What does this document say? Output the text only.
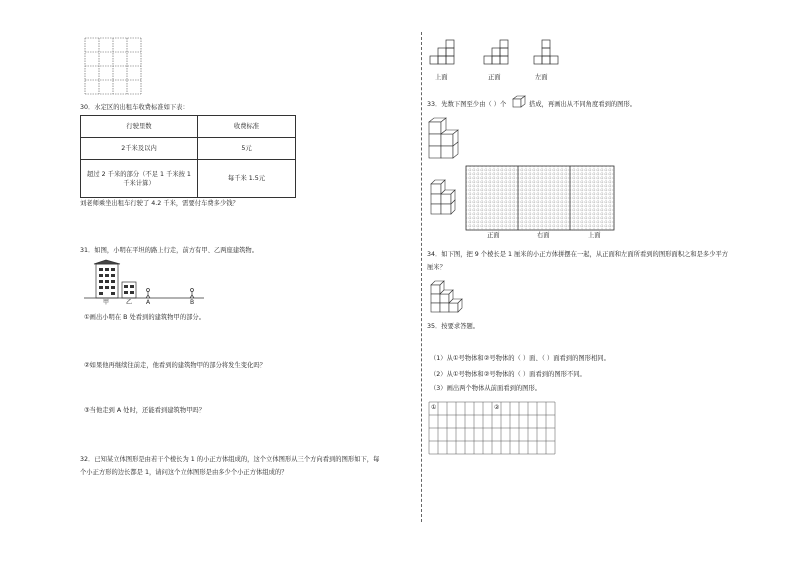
30．水定区的出租车收费标准如下表：
行驶里数	收费标准
2千米及以内	5元
超过 2 千米的部分（不足 1 千米按 1 千米计算）	每千米 1.5元
刘老师乘坐出租车行驶了 4.2 千米，需要付车费多少钱？
31．如图，小明在平坦的路上行走，前方有甲、乙两座建筑物。
甲	乙 A	B
①画出小明在 B 处看到的建筑物甲的部分。
②如果他再继续往前走，他看到的建筑物甲的部分将发生变化吗？
③当他走到 A 处时，还能看到建筑物甲吗？
32．已知某立体图形是由若干个棱长为 1 的小正方体组成的，这个立体图形从三个方向看到的图形如下，每
个小正方形的边长都是 1，请问这个立体图形是由多少个小正方体组成的？
上面	正面	左面
33．先数下图至少由（ ）个	搭成，再画出从不同角度看到的图形。
正面	右面	上面
34．如下图，把 9 个棱长是 1 厘米的小正方体拼摆在一起，从正面和左面所看到的图形面积之和是多少平方
厘米？
35．按要求答题。
（1）从①号物体和②号物体的（ ）面、（ ）面看到的图形相同。
（2）从①号物体和②号物体的（ ）面看到的图形不同。
（3）画出两个物体从前面看到的图形。
①	②
